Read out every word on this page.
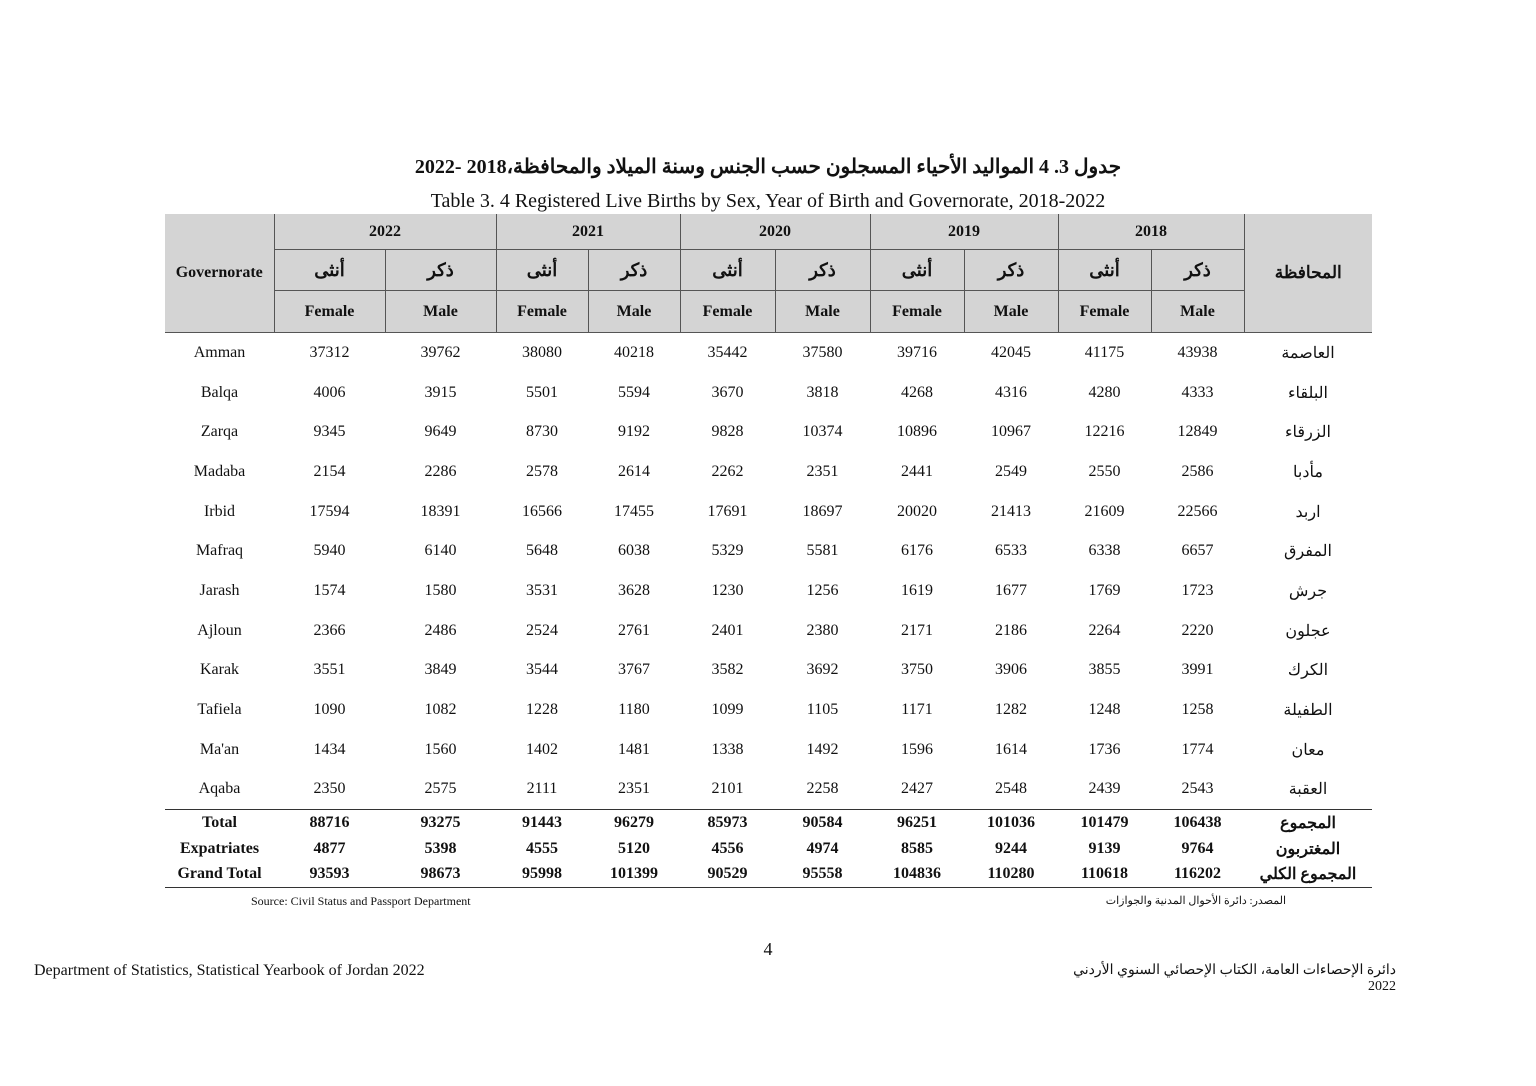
جدول 3. 4 المواليد الأحياء المسجلون حسب الجنس وسنة الميلاد والمحافظة،2018 -2022
Table 3. 4 Registered Live Births by Sex, Year of Birth and Governorate, 2018-2022
Governorate	2022		2021		2020		2019		2018		المحافظة
	أنثى	ذكر	أنثى	ذكر	أنثى	ذكر	أنثى	ذكر	أنثى	ذكر	
	Female	Male	Female	Male	Female	Male	Female	Male	Female	Male	
Amman	37312	39762	38080	40218	35442	37580	39716	42045	41175	43938	العاصمة
Balqa	4006	3915	5501	5594	3670	3818	4268	4316	4280	4333	البلقاء
Zarqa	9345	9649	8730	9192	9828	10374	10896	10967	12216	12849	الزرقاء
Madaba	2154	2286	2578	2614	2262	2351	2441	2549	2550	2586	مأدبا
Irbid	17594	18391	16566	17455	17691	18697	20020	21413	21609	22566	اربد
Mafraq	5940	6140	5648	6038	5329	5581	6176	6533	6338	6657	المفرق
Jarash	1574	1580	3531	3628	1230	1256	1619	1677	1769	1723	جرش
Ajloun	2366	2486	2524	2761	2401	2380	2171	2186	2264	2220	عجلون
Karak	3551	3849	3544	3767	3582	3692	3750	3906	3855	3991	الكرك
Tafiela	1090	1082	1228	1180	1099	1105	1171	1282	1248	1258	الطفيلة
Ma'an	1434	1560	1402	1481	1338	1492	1596	1614	1736	1774	معان
Aqaba	2350	2575	2111	2351	2101	2258	2427	2548	2439	2543	العقبة
Total	88716	93275	91443	96279	85973	90584	96251	101036	101479	106438	المجموع
Expatriates	4877	5398	4555	5120	4556	4974	8585	9244	9139	9764	المغتربون
Grand Total	93593	98673	95998	101399	90529	95558	104836	110280	110618	116202	المجموع الكلي
Source: Civil Status and Passport Department	المصدر: دائرة الأحوال المدنية والجوازات
4
Department of Statistics, Statistical Yearbook of Jordan 2022	دائرة الإحصاءات العامة، الكتاب الإحصائي السنوي الأردني 2022
